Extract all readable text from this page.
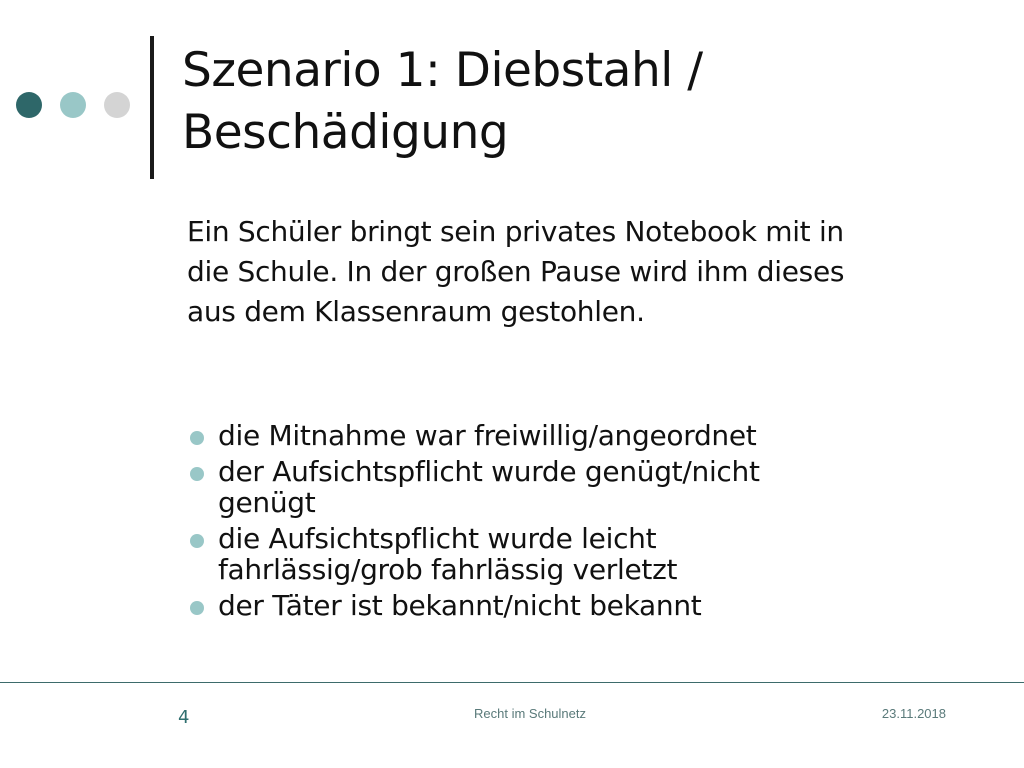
Szenario 1: Diebstahl / Beschädigung

Ein Schüler bringt sein privates Notebook mit in die Schule. In der großen Pause wird ihm dieses aus dem Klassenraum gestohlen.

die Mitnahme war freiwillig/angeordnet
der Aufsichtspflicht wurde genügt/nicht genügt
die Aufsichtspflicht wurde leicht fahrlässig/grob fahrlässig verletzt
der Täter ist bekannt/nicht bekannt
4	Recht im Schulnetz	23.11.2018
